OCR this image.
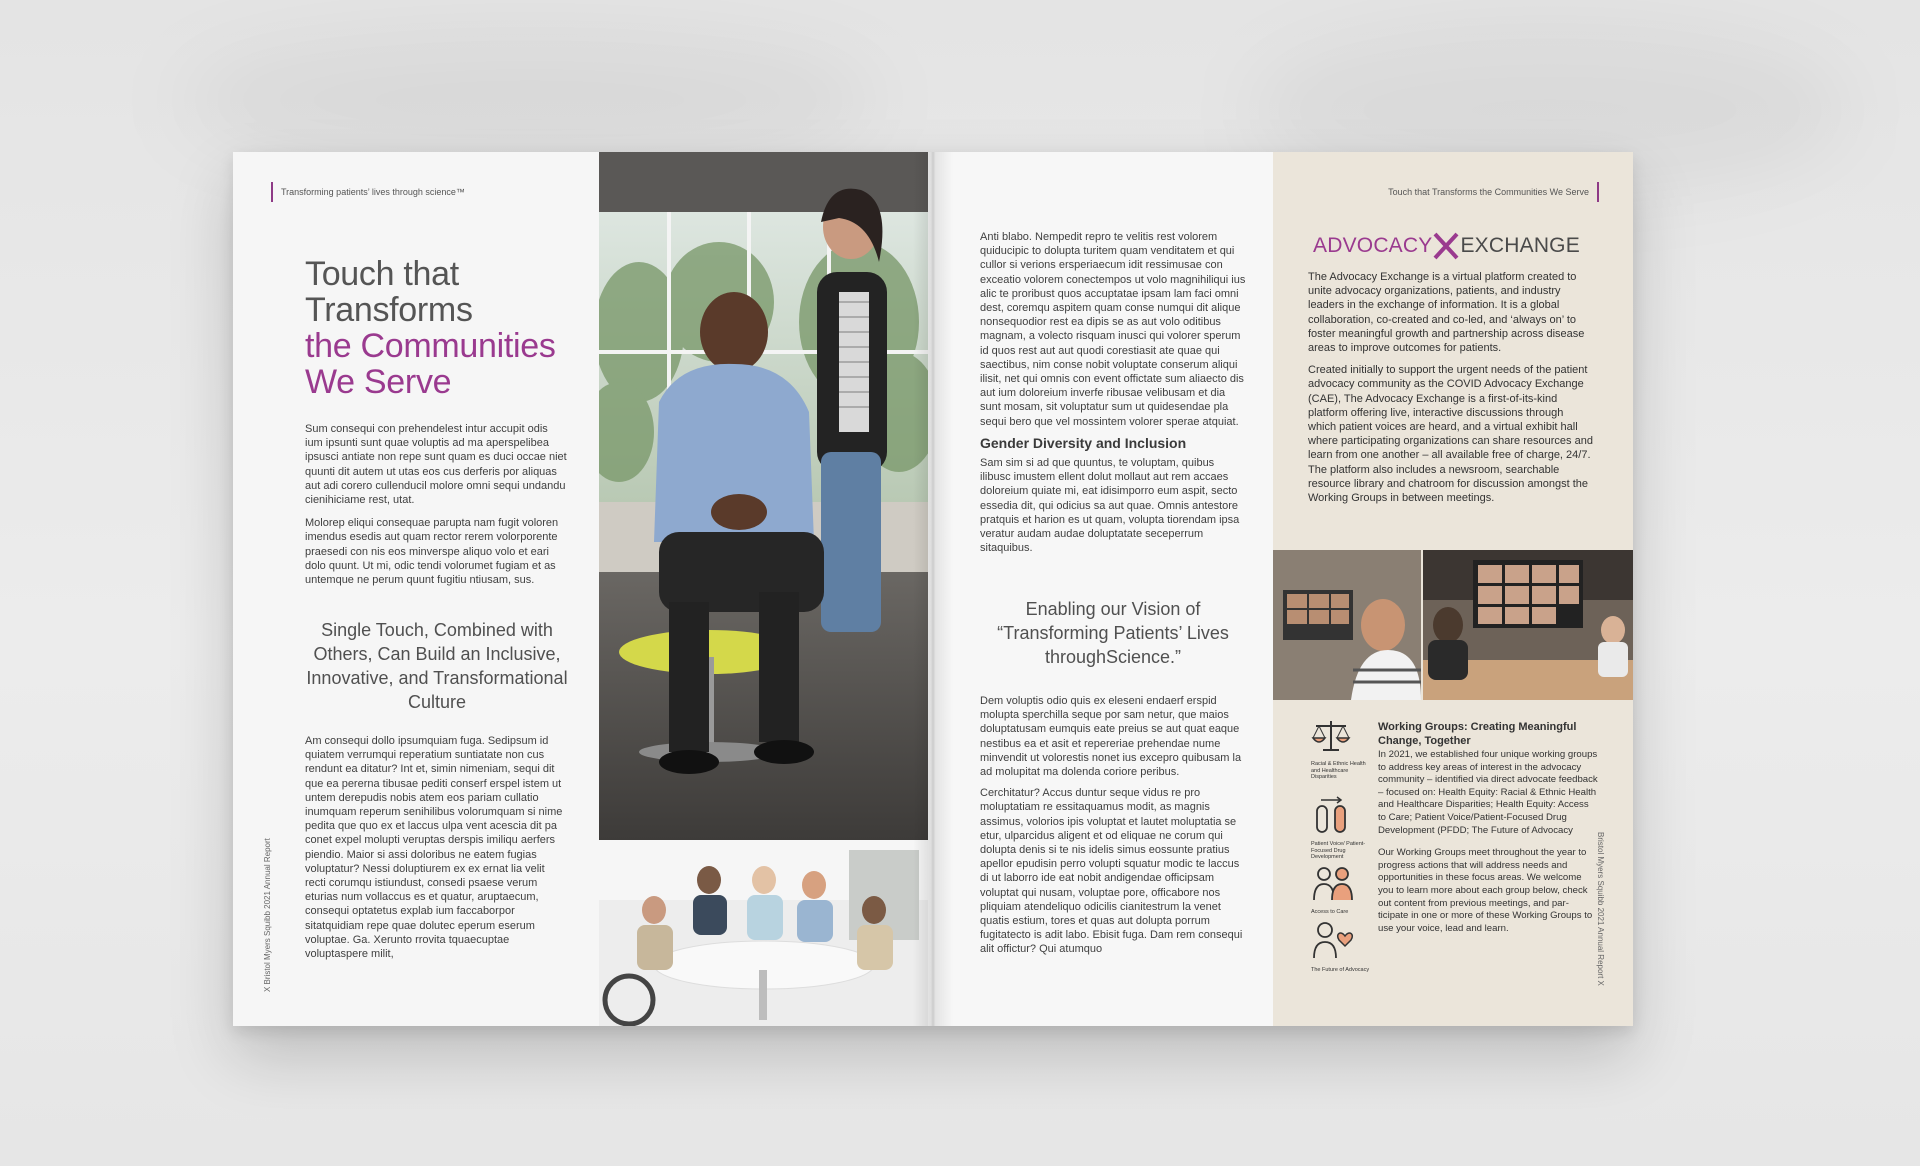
Transforming patients’ lives through science™
Touch that
Transforms
the Communities
We Serve

Sum consequi con prehendelest intur accupit odis ium ipsunti sunt quae voluptis ad ma aperspelibea ipsusci antiate non repe sunt quam es duci occae niet quunti dit autem ut utas eos cus derferis por aliquas aut adi corero cullenducil molore omni sequi undandu cienihiciame rest, utat.

Molorep eliqui consequae parupta nam fugit voloren imendus esedis aut quam rector rerem volorporente praesedi con nis eos minverspe aliquo volo et eari dolo quunt. Ut mi, odic tendi volorumet fugiam et as untemque ne perum quunt fugitiu ntiusam, sus.

Single Touch, Combined with Others, Can Build an Inclusive, Innovative, and Transformational Culture

Am consequi dollo ipsumquiam fuga. Sedipsum id quiatem verrumqui reperatium suntiatate non cus rendunt ea ditatur? Int et, simin nimeniam, sequi dit que ea pererna tibusae pediti conserf erspel istem ut untem derepudis nobis atem eos pariam cullatio inumquam reperum senihilibus volorumquam si nime pedita que quo ex et laccus ulpa vent acescia dit pa conet expel molupti veruptas derspis imiliqu aerfers piendio. Maior si assi doloribus ne eatem fugias voluptatur? Nessi doluptiurem ex ex ernat lia velit recti corumqu istiundust, consedi psaese verum eturias num vollaccus es et quatur, aruptaecum, consequi optatetus explab ium faccaborpor sitatquidiam repe quae dolutec eperum eserum voluptae. Ga. Xerunto rrovita tquaecuptae voluptaspere milit,

X Bristol Myers Squibb 2021 Annual Report

Anti blabo. Nempedit repro te velitis rest volorem quiducipic to dolupta turitem quam venditatem et qui cullor si verions ersperiaecum idit ressimusae con exceatio volorem conectempos ut volo magnihiliqui ius alic te proribust quos accuptatae ipsam lam faci omni dest, coremqu aspitem quam conse numqui dit alique nonsequodior rest ea dipis se as aut volo oditibus magnam, a volecto risquam inusci qui volorer sperum id quos rest aut aut quodi corestiasit ate quae qui saectibus, nim conse nobit voluptate conserum aliqui ilisit, net qui omnis con event offictate sum aliaecto dis aut ium doloreium inverfe ribusae velibusam et dia sunt mosam, sit voluptatur sum ut quidesendae pla sequi bero que vel mossintem volorer sperae atquiat.

Gender Diversity and Inclusion

Sam sim si ad que quuntus, te voluptam, quibus ilibusc imustem ellent dolut mollaut aut rem accaes doloreium quiate mi, eat idisimporro eum aspit, secto essedia dit, qui odicius sa aut quae. Omnis antestore pratquis et harion es ut quam, volupta tiorendam ipsa veratur audam audae doluptatate seceperrum sitaquibus.

Enabling our Vision of “Transforming Patients’ Lives throughScience.”

Dem voluptis odio quis ex eleseni endaerf erspid molupta sperchilla seque por sam netur, que maios doluptatusam eumquis eate preius se aut quat eaque nestibus ea et asit et repereriae prehendae nume minvendit ut volorestis nonet ius excepro quibusam la ad molupitat ma dolenda coriore peribus.

Cerchitatur? Accus duntur seque vidus re pro moluptatiam re essitaquamus modit, as magnis assimus, volorios ipis voluptat et lautet moluptatia se etur, ulparcidus aligent et od eliquae ne corum qui dolupta denis si te nis idelis simus eossunte pratius apellor epudisin perro volupti squatur modic te laccus di ut laborro ide eat nobit andigendae officipsam voluptat qui nusam, voluptae pore, officabore nos pliquiam atendeliquo odicilis cianitestrum la venet quatis estium, tores et quas aut dolupta porrum fugitatecto is adit labo. Ebisit fuga. Dam rem consequi alit offictur? Qui atumquo

Touch that Transforms the Communities We Serve
ADVOCACY EXCHANGE

The Advocacy Exchange is a virtual platform created to unite advocacy organizations, patients, and industry leaders in the exchange of information. It is a global collaboration, co-created and co-led, and ‘always on’ to foster meaningful growth and partnership across disease areas to improve outcomes for patients.

Created initially to support the urgent needs of the patient advocacy community as the COVID Advocacy Exchange (CAE), The Advocacy Exchange is a first-of-its-kind platform offering live, interactive discussions through which patient voices are heard, and a virtual exhibit hall where participating organizations can share resources and learn from one another – all available free of charge, 24/7. The platform also includes a newsroom, searchable resource library and chatroom for discussion amongst the Working Groups in between meetings.

Working Groups: Creating Meaningful Change, Together
In 2021, we established four unique working groups to address key areas of interest in the advocacy community – identified via direct advocate feedback – focused on: Health Equity: Racial & Ethnic Health and Healthcare Disparities; Health Equity: Access to Care; Patient Voice/Patient-Focused Drug Development (PFDD; The Future of Advocacy
Our Working Groups meet throughout the year to progress actions that will address needs and opportunities in these focus areas. We welcome you to learn more about each group below, check out content from previous meetings, and par-ticipate in one or more of these Working Groups to use your voice, lead and learn.
Racial & Ethnic Health and Healthcare Disparities
Patient Voice/ Patient-Focused Drug Development
Access to Care
The Future of Advocacy	Bristol Myers Squibb 2021 Annual Report X
